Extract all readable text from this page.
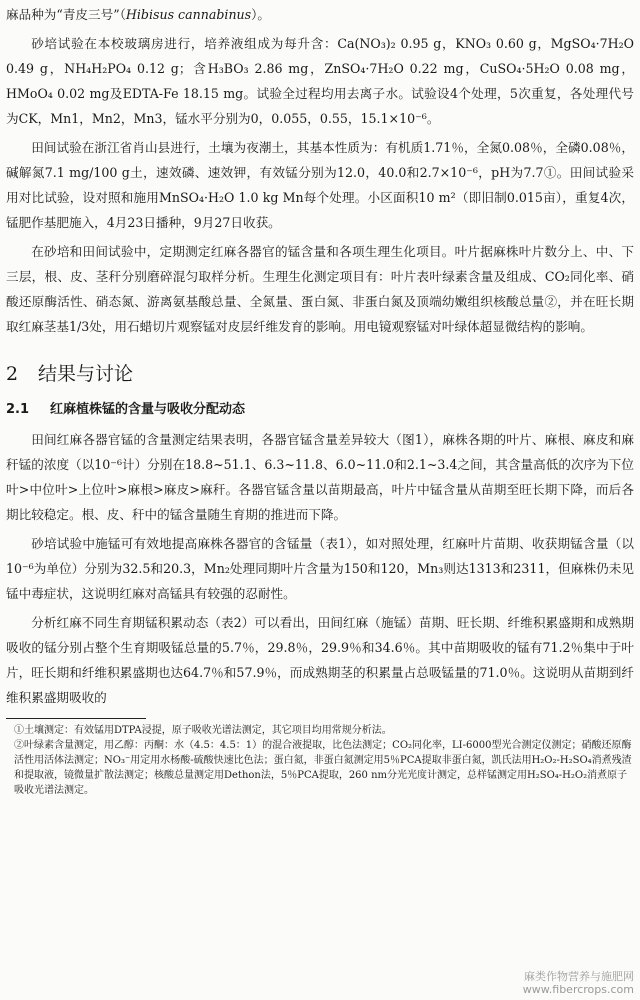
麻品种为“青皮三号”（Hibisus cannabinus）。

砂培试验在本校玻璃房进行，培养液组成为每升含：Ca(NO₃)₂ 0.95 g，KNO₃ 0.60 g，MgSO₄·7H₂O 0.49 g，NH₄H₂PO₄ 0.12 g；含H₃BO₃ 2.86 mg，ZnSO₄·7H₂O 0.22 mg，CuSO₄·5H₂O 0.08 mg，HMoO₄ 0.02 mg及EDTA-Fe 18.15 mg。试验全过程均用去离子水。试验设4个处理，5次重复，各处理代号为CK，Mn1，Mn2，Mn3，锰水平分别为0，0.055，0.55，15.1×10⁻⁶。

田间试验在浙江省肖山县进行，土壤为夜潮土，其基本性质为：有机质1.71％，全氮0.08％，全磷0.08％，碱解氮7.1 mg/100 g土，速效磷、速效钾，有效锰分别为12.0，40.0和2.7×10⁻⁶，pH为7.7①。田间试验采用对比试验，设对照和施用MnSO₄·H₂O 1.0 kg Mn每个处理。小区面积10 m²（即旧制0.015亩），重复4次，锰肥作基肥施入，4月23日播种，9月27日收获。

在砂培和田间试验中，定期测定红麻各器官的锰含量和各项生理生化项目。叶片据麻株叶片数分上、中、下三层，根、皮、茎秆分别磨碎混匀取样分析。生理生化测定项目有：叶片表叶绿素含量及组成、CO₂同化率、硝酸还原酶活性、硝态氮、游离氨基酸总量、全氮量、蛋白氮、非蛋白氮及顶端幼嫩组织核酸总量②，并在旺长期取红麻茎基1/3处，用石蜡切片观察锰对皮层纤维发育的影响。用电镜观察锰对叶绿体超显微结构的影响。

2 结果与讨论
2.1 红麻植株锰的含量与吸收分配动态

田间红麻各器官锰的含量测定结果表明，各器官锰含量差异较大（图1），麻株各期的叶片、麻根、麻皮和麻秆锰的浓度（以10⁻⁶计）分别在18.8~51.1、6.3~11.8、6.0~11.0和2.1~3.4之间，其含量高低的次序为下位叶>中位叶>上位叶>麻根>麻皮>麻秆。各器官锰含量以苗期最高，叶片中锰含量从苗期至旺长期下降，而后各期比较稳定。根、皮、秆中的锰含量随生育期的推进而下降。

砂培试验中施锰可有效地提高麻株各器官的含锰量（表1），如对照处理，红麻叶片苗期、收获期锰含量（以10⁻⁶为单位）分别为32.5和20.3，Mn₂处理同期叶片含量为150和120，Mn₃则达1313和2311，但麻株仍未见锰中毒症状，这说明红麻对高锰具有较强的忍耐性。

分析红麻不同生育期锰积累动态（表2）可以看出，田间红麻（施锰）苗期、旺长期、纤维积累盛期和成熟期吸收的锰分别占整个生育期吸锰总量的5.7％，29.8％，29.9％和34.6％。其中苗期吸收的锰有71.2％集中于叶片，旺长期和纤维积累盛期也达64.7％和57.9％，而成熟期茎的积累量占总吸锰量的71.0％。这说明从苗期到纤维积累盛期吸收的

①土壤测定：有效锰用DTPA浸提，原子吸收光谱法测定，其它项目均用常规分析法。

②叶绿素含量测定，用乙醇：丙酮：水（4.5：4.5：1）的混合液提取，比色法测定；CO₂同化率，LI-6000型光合测定仪测定；硝酸还原酶活性用活体法测定；NO₃⁻用定用水杨酸-硫酸快速比色法；蛋白氮，非蛋白氮测定用5％PCA提取非蛋白氮，凯氏法用H₂O₂-H₂SO₄消煮残渣和提取液，镜微量扩散法测定；核酸总量测定用Dethon法，5％PCA提取，260 nm分光光度计测定，总样锰测定用H₂SO₄-H₂O₂消煮原子吸收光谱法测定。

麻类作物营养与施肥网
www.fibercrops.com
